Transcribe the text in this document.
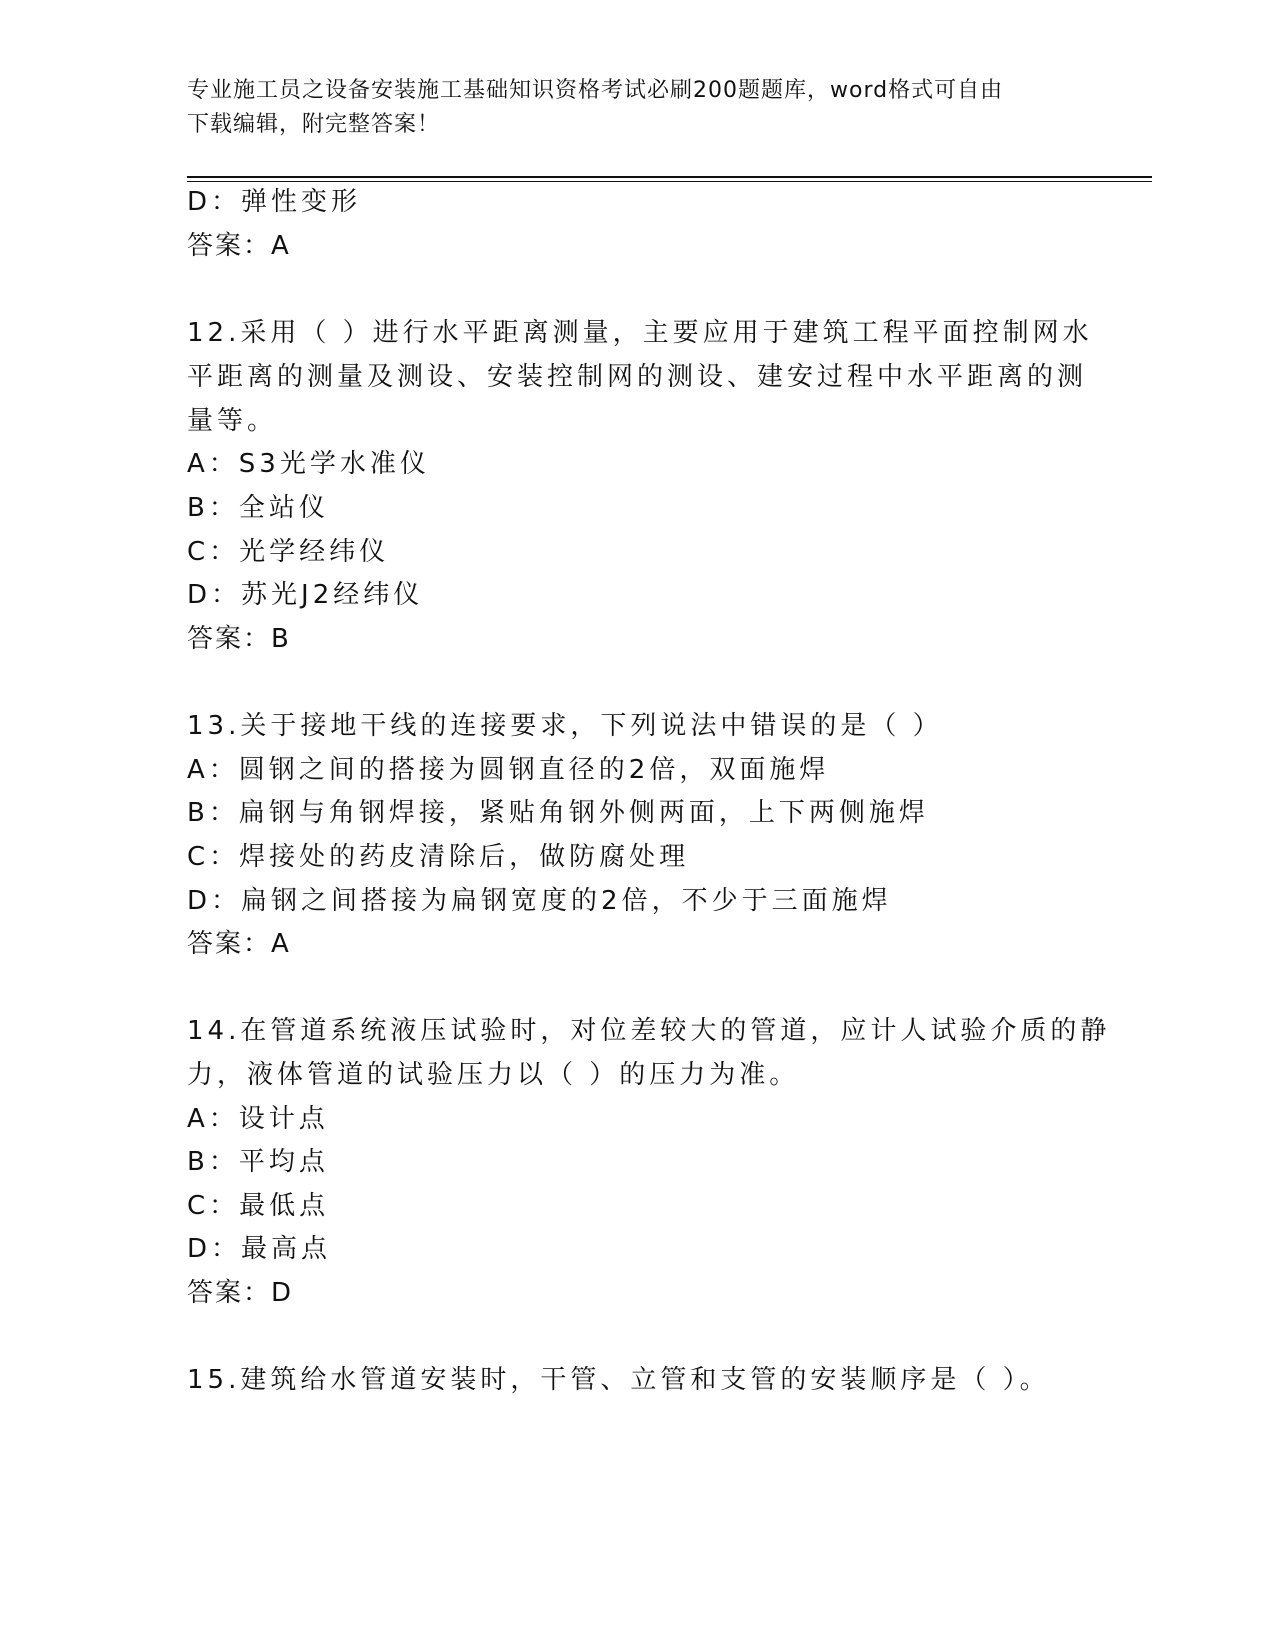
专业施工员之设备安装施工基础知识资格考试必刷200题题库，word格式可自由
下载编辑，附完整答案！
D：弹性变形
答案：A
12.采用（ ）进行水平距离测量，主要应用于建筑工程平面控制网水
平距离的测量及测设、安装控制网的测设、建安过程中水平距离的测
量等。
A：S3光学水准仪
B：全站仪
C：光学经纬仪
D：苏光J2经纬仪
答案：B
13.关于接地干线的连接要求，下列说法中错误的是（ ）
A：圆钢之间的搭接为圆钢直径的2倍，双面施焊
B：扁钢与角钢焊接，紧贴角钢外侧两面，上下两侧施焊
C：焊接处的药皮清除后，做防腐处理
D：扁钢之间搭接为扁钢宽度的2倍，不少于三面施焊
答案：A
14.在管道系统液压试验时，对位差较大的管道，应计人试验介质的静
力，液体管道的试验压力以（ ）的压力为准。
A：设计点
B：平均点
C：最低点
D：最高点
答案：D
15.建筑给水管道安装时，干管、立管和支管的安装顺序是（ ）。
